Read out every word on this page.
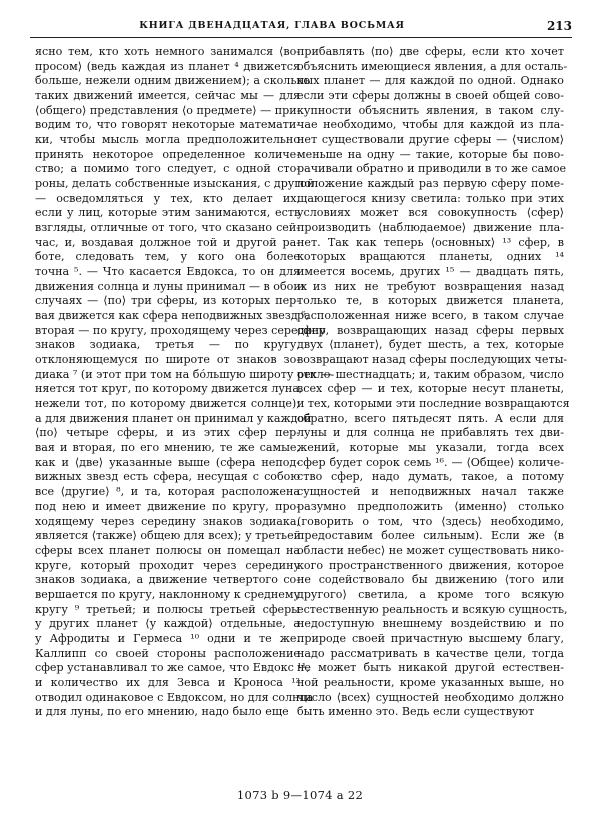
КНИГА ДВЕНАДЦАТАЯ, ГЛАВА ВОСЬМАЯ	213
ясно тем, кто хоть немного занимался ⟨во-
просом⟩ (ведь каждая из планет ⁴ движется
больше, нежели одним движением); а сколько
таких движений имеется, сейчас мы — для
⟨общего⟩ представления ⟨о предмете⟩ — при-
водим то, что говорят некоторые математи-
ки, чтобы мысль могла предположительно
принять некоторое определенное количе-
ство; а помимо того следует, с одной сто-
роны, делать собственные изыскания, с другой
— осведомляться у тех, кто делает их,
если у лиц, которые этим занимаются, есть
взгляды, отличные от того, что сказано сей-
час, и, воздавая должное той и другой ра-
боте, следовать тем, у кого она более
точна ⁵. — Что касается Евдокса, то он для
движения солнца и луны принимал — в обоих
случаях — ⟨по⟩ три сферы, из которых пер-
вая движется как сфера неподвижных звезд ⁶,
вторая — по кругу, проходящему через середину
знаков зодиака, третья — по кругу,
отклоняющемуся по широте от знаков зо-
диака ⁷ (и этот при том на бо́льшую широту откло-
няется тот круг, по которому движется луна,
нежели тот, по которому движется солнце);
а для движения планет он принимал у каждой
⟨по⟩ четыре сферы, и из этих сфер пер-
вая и вторая, по его мнению, те же самые,
как и ⟨две⟩ указанные выше (сфера непод-
вижных звезд есть сфера, несущая с собою
все ⟨другие⟩ ⁸, и та, которая расположена
под нею и имеет движение по кругу, про-
ходящему через середину знаков зодиака,
является ⟨также⟩ общею для всех); у третьей
сферы всех планет полюсы он помещал на
круге, который проходит через середину
знаков зодиака, а движение четвертого со-
вершается по кругу, наклонному к среднему
кругу ⁹ третьей; и полюсы третьей сферы
у других планет ⟨у каждой⟩ отдельные, а
у Афродиты и Гермеса ¹⁰ одни и те же.
Каллипп со своей стороны расположение
сфер устанавливал то же самое, что Евдокс ¹¹,
и количество их для Зевса и Кроноса ¹²
отводил одинаковое с Евдоксом, но для солнца
и для луны, по его мнению, надо было еще
прибавлять ⟨по⟩ две сферы, если кто хочет
объяснить имеющиеся явления, а для осталь-
ных планет — для каждой по одной. Однако
если эти сферы должны в своей общей сово-
купности объяснить явления, в таком слу-
чае необходимо, чтобы для каждой из пла-
нет существовали другие сферы — ⟨числом⟩
меньше на одну — такие, которые бы пово-
рачивали обратно и приводили в то же самое
положение каждый раз первую сферу поме-
щающегося книзу светила: только при этих
условиях может вся совокупность ⟨сфер⟩
производить ⟨наблюдаемое⟩ движение пла-
нет. Так как теперь ⟨основных⟩ ¹³ сфер, в
которых вращаются планеты, одних ¹⁴
имеется восемь, других ¹⁵ — двадцать пять,
и из них не требуют возвращения назад
только те, в которых движется планета,
расположенная ниже всего, в таком случае
сфер, возвращающих назад сферы первых
двух ⟨планет⟩, будет шесть, а тех, которые
возвращают назад сферы последующих четы-
рех — шестнадцать; и, таким образом, число
всех сфер — и тех, которые несут планеты,
и тех, которыми эти последние возвращаются
обратно, всего пятьдесят пять. А если для
луны и для солнца не прибавлять тех дви-
жений, которые мы указали, тогда всех
сфер будет сорок семь ¹⁶. — ⟨Общее⟩ количе-
ство сфер, надо думать, такое, а потому
сущностей и неподвижных начал также
разумно предположить ⟨именно⟩ столько
(говорить о том, что ⟨здесь⟩ необходимо,
предоставим более сильным). Если же ⟨в
области небес⟩ не может существовать нико-
кого пространственного движения, которое
не содействовало бы движению ⟨того или
другого⟩ светила, а кроме того всякую
естественную реальность и всякую сущность,
недоступную внешнему воздействию и по
природе своей причастную высшему благу,
надо рассматривать в качестве цели, тогда
не может быть никакой другой естествен-
ной реальности, кроме указанных выше, но
число ⟨всех⟩ сущностей необходимо должно
быть именно это. Ведь если существуют
1073 b 9—1074 a 22
